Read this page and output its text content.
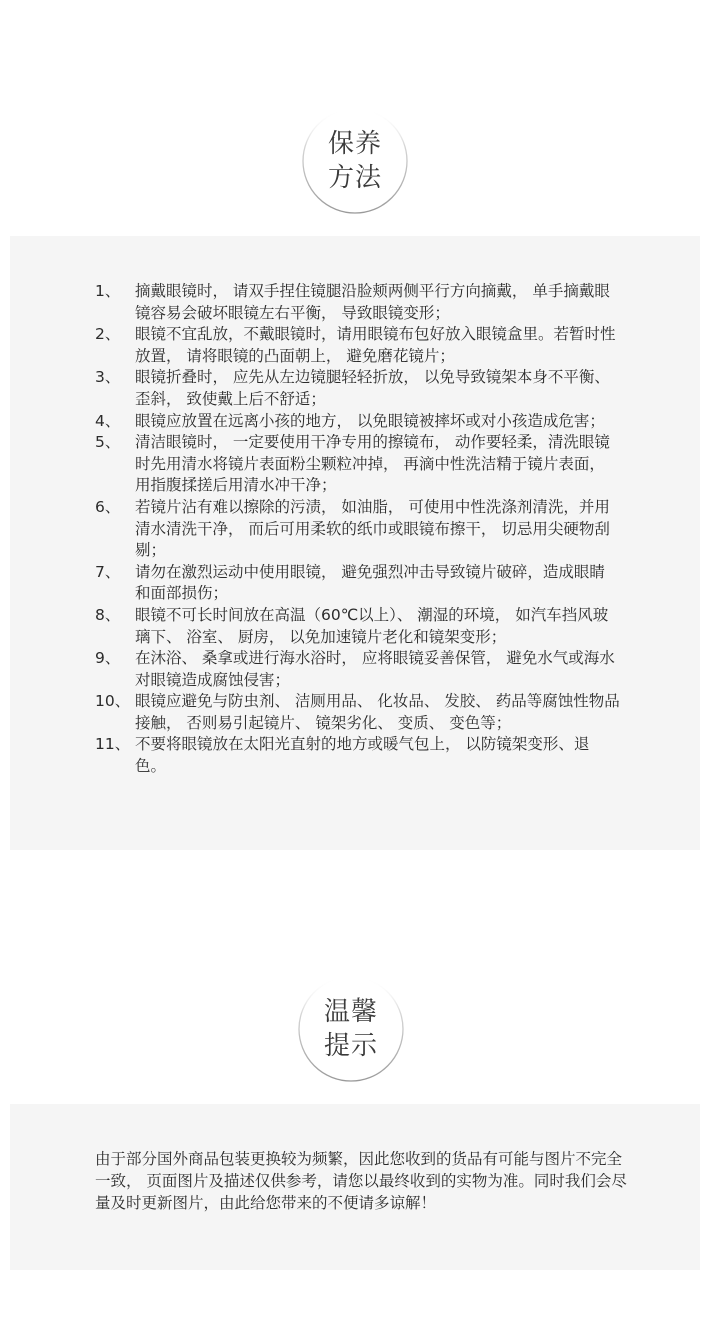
保养
方法
1、 摘戴眼镜时， 请双手捏住镜腿沿脸颊两侧平行方向摘戴， 单手摘戴眼镜容易会破坏眼镜左右平衡， 导致眼镜变形；
2、 眼镜不宜乱放，不戴眼镜时，请用眼镜布包好放入眼镜盒里。若暂时性放置， 请将眼镜的凸面朝上， 避免磨花镜片；
3、 眼镜折叠时， 应先从左边镜腿轻轻折放， 以免导致镜架本身不平衡、 歪斜， 致使戴上后不舒适；
4、 眼镜应放置在远离小孩的地方， 以免眼镜被摔坏或对小孩造成危害；
5、 清洁眼镜时， 一定要使用干净专用的擦镜布， 动作要轻柔，清洗眼镜时先用清水将镜片表面粉尘颗粒冲掉， 再滴中性洗洁精于镜片表面， 用指腹揉搓后用清水冲干净；
6、 若镜片沾有难以擦除的污渍， 如油脂， 可使用中性洗涤剂清洗，并用清水清洗干净， 而后可用柔软的纸巾或眼镜布擦干， 切忌用尖硬物刮剔；
7、 请勿在激烈运动中使用眼镜， 避免强烈冲击导致镜片破碎，造成眼睛和面部损伤；
8、 眼镜不可长时间放在高温（60℃以上）、 潮湿的环境， 如汽车挡风玻璃下、 浴室、 厨房， 以免加速镜片老化和镜架变形；
9、 在沐浴、 桑拿或进行海水浴时， 应将眼镜妥善保管， 避免水气或海水对眼镜造成腐蚀侵害；
10、 眼镜应避免与防虫剂、 洁厕用品、 化妆品、 发胶、 药品等腐蚀性物品接触， 否则易引起镜片、 镜架劣化、 变质、 变色等；
11、 不要将眼镜放在太阳光直射的地方或暖气包上， 以防镜架变形、退色。
温馨
提示

由于部分国外商品包装更换较为频繁，因此您收到的货品有可能与图片不完全一致， 页面图片及描述仅供参考，请您以最终收到的实物为准。同时我们会尽量及时更新图片，由此给您带来的不便请多谅解！
